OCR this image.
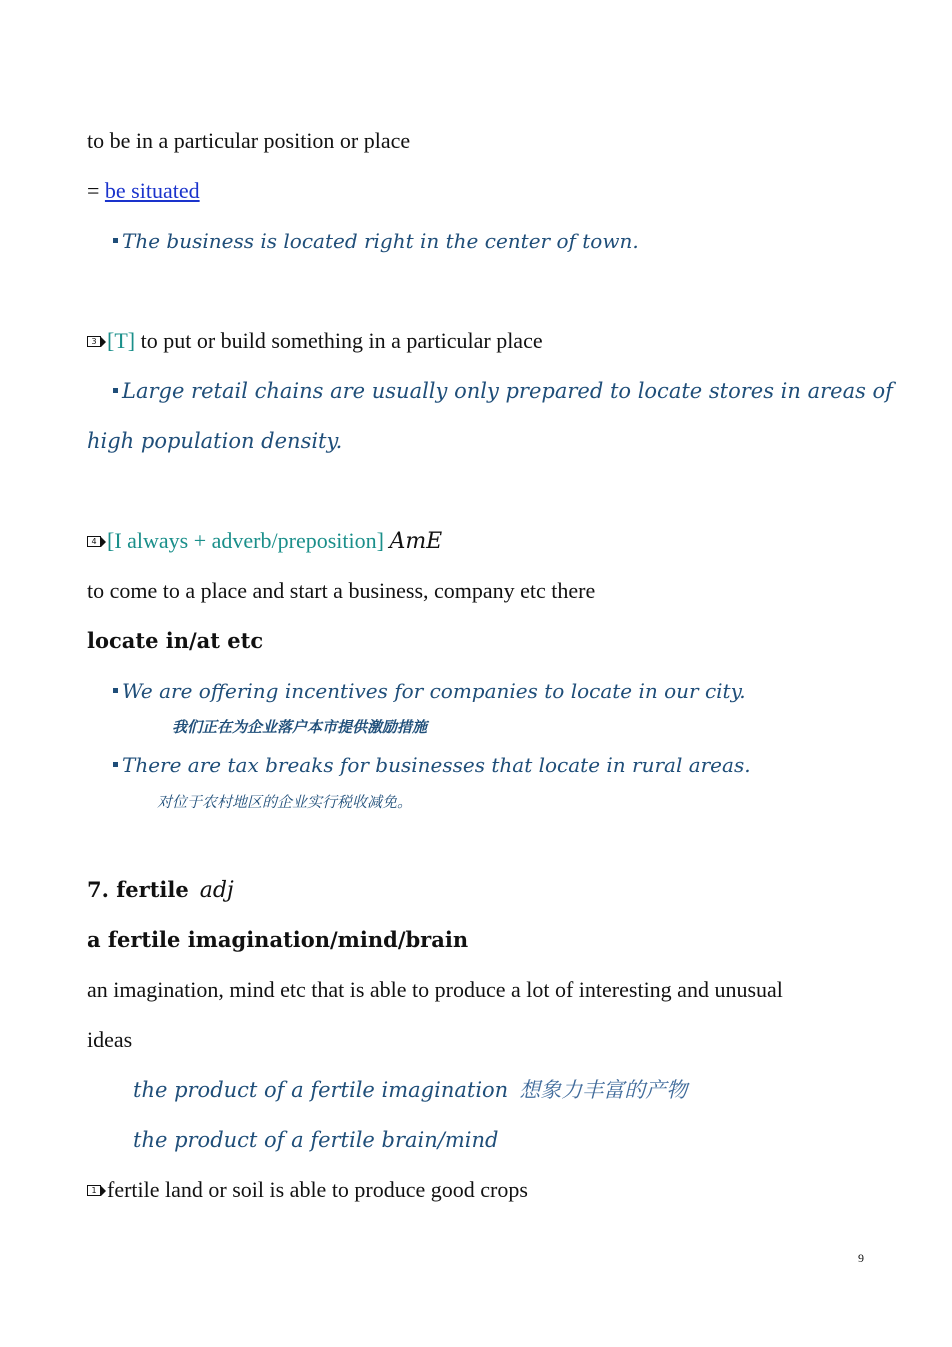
to be in a particular position or place
= be situated
The business is located right in the center of town.
3 [T] to put or build something in a particular place
Large retail chains are usually only prepared to locate stores in areas of
high population density.
4 [I always + adverb/preposition] AmE
to come to a place and start a business, company etc there
locate in/at etc
We are offering incentives for companies to locate in our city.
我们正在为企业落户本市提供激励措施
There are tax breaks for businesses that locate in rural areas.
对位于农村地区的企业实行税收减免。
7. fertile adj
a fertile imagination/mind/brain
an imagination, mind etc that is able to produce a lot of interesting and unusual
ideas
the product of a fertile imagination 想象力丰富的产物
the product of a fertile brain/mind
1 fertile land or soil is able to produce good crops
9
